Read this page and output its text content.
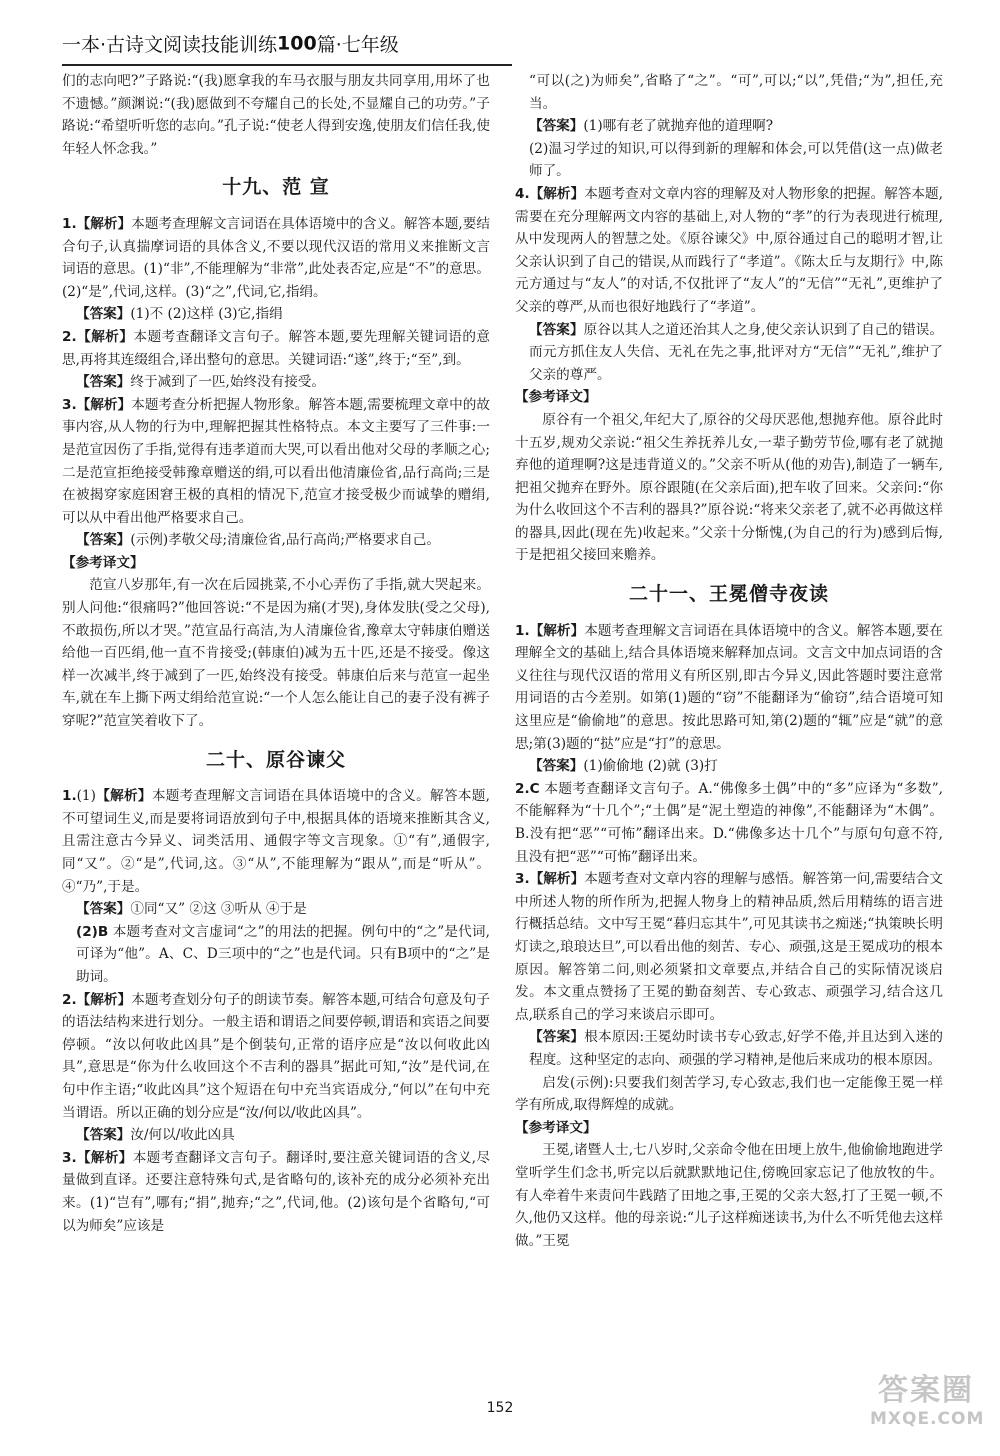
一本·古诗文阅读技能训练100篇·七年级

们的志向吧?”子路说:“(我)愿拿我的车马衣服与朋友共同享用,用坏了也不遗憾。”颜渊说:“(我)愿做到不夸耀自己的长处,不显耀自己的功劳。”子路说:“希望听听您的志向。”孔子说:“使老人得到安逸,使朋友们信任我,使年轻人怀念我。”

十九、范 宣

1.【解析】本题考查理解文言词语在具体语境中的含义。解答本题,要结合句子,认真揣摩词语的具体含义,不要以现代汉语的常用义来推断文言词语的意思。(1)“非”,不能理解为“非常”,此处表否定,应是“不”的意思。(2)“是”,代词,这样。(3)“之”,代词,它,指绢。

【答案】(1)不 (2)这样 (3)它,指绢

2.【解析】本题考查翻译文言句子。解答本题,要先理解关键词语的意思,再将其连缀组合,译出整句的意思。关键词语:“遂”,终于;“至”,到。

【答案】终于减到了一匹,始终没有接受。

3.【解析】本题考查分析把握人物形象。解答本题,需要梳理文章中的故事内容,从人物的行为中,理解把握其性格特点。本文主要写了三件事:一是范宣因伤了手指,觉得有违孝道而大哭,可以看出他对父母的孝顺之心;二是范宣拒绝接受韩豫章赠送的绢,可以看出他清廉俭省,品行高尚;三是在被揭穿家庭困窘王极的真相的情况下,范宣才接受极少而诚挚的赠绢,可以从中看出他严格要求自己。

【答案】(示例)孝敬父母;清廉俭省,品行高尚;严格要求自己。

【参考译文】

范宣八岁那年,有一次在后园挑菜,不小心弄伤了手指,就大哭起来。别人问他:“很痛吗?”他回答说:“不是因为痛(才哭),身体发肤(受之父母),不敢损伤,所以才哭。”范宣品行高洁,为人清廉俭省,豫章太守韩康伯赠送给他一百匹绢,他一直不肯接受;(韩康伯)减为五十匹,还是不接受。像这样一次减半,终于减到了一匹,始终没有接受。韩康伯后来与范宣一起坐车,就在车上撕下两丈绢给范宣说:“一个人怎么能让自己的妻子没有裤子穿呢?”范宣笑着收下了。

二十、原谷谏父

1.(1)【解析】本题考查理解文言词语在具体语境中的含义。解答本题,不可望词生义,而是要将词语放到句子中,根据具体的语境来推断其含义,且需注意古今异义、词类活用、通假字等文言现象。①“有”,通假字,同“又”。②“是”,代词,这。③“从”,不能理解为“跟从”,而是“听从”。④“乃”,于是。

【答案】①同“又” ②这 ③听从 ④于是

(2)B 本题考查对文言虚词“之”的用法的把握。例句中的“之”是代词,可译为“他”。A、C、D三项中的“之”也是代词。只有B项中的“之”是助词。

2.【解析】本题考查划分句子的朗读节奏。解答本题,可结合句意及句子的语法结构来进行划分。一般主语和谓语之间要停顿,谓语和宾语之间要停顿。“汝以何收此凶具”是个倒装句,正常的语序应是“汝以何收此凶具”,意思是“你为什么收回这个不吉利的器具”据此可知,“汝”是代词,在句中作主语;“收此凶具”这个短语在句中充当宾语成分,“何以”在句中充当谓语。所以正确的划分应是“汝/何以/收此凶具”。

【答案】汝/何以/收此凶具

3.【解析】本题考查翻译文言句子。翻译时,要注意关键词语的含义,尽量做到直译。还要注意特殊句式,是省略句的,该补充的成分必须补充出来。(1)“岂有”,哪有;“捐”,抛弃;“之”,代词,他。(2)该句是个省略句,“可以为师矣”应该是

“可以(之)为师矣”,省略了“之”。“可”,可以;“以”,凭借;“为”,担任,充当。

【答案】(1)哪有老了就抛弃他的道理啊?

(2)温习学过的知识,可以得到新的理解和体会,可以凭借(这一点)做老师了。

4.【解析】本题考查对文章内容的理解及对人物形象的把握。解答本题,需要在充分理解两文内容的基础上,对人物的“孝”的行为表现进行梳理,从中发现两人的智慧之处。《原谷谏父》中,原谷通过自己的聪明才智,让父亲认识到了自己的错误,从而践行了“孝道”。《陈太丘与友期行》中,陈元方通过与“友人”的对话,不仅批评了“友人”的“无信”“无礼”,更维护了父亲的尊严,从而也很好地践行了“孝道”。

【答案】原谷以其人之道还治其人之身,使父亲认识到了自己的错误。而元方抓住友人失信、无礼在先之事,批评对方“无信”“无礼”,维护了父亲的尊严。

【参考译文】

原谷有一个祖父,年纪大了,原谷的父母厌恶他,想抛弃他。原谷此时十五岁,规劝父亲说:“祖父生养抚养儿女,一辈子勤劳节俭,哪有老了就抛弃他的道理啊?这是违背道义的。”父亲不听从(他的劝告),制造了一辆车,把祖父抛弃在野外。原谷跟随(在父亲后面),把车收了回来。父亲问:“你为什么收回这个不吉利的器具?”原谷说:“将来父亲老了,就不必再做这样的器具,因此(现在先)收起来。”父亲十分惭愧,(为自己的行为)感到后悔,于是把祖父接回来赡养。

二十一、王冕僧寺夜读

1.【解析】本题考查理解文言词语在具体语境中的含义。解答本题,要在理解全文的基础上,结合具体语境来解释加点词。文言文中加点词语的含义往往与现代汉语的常用义有所区别,即古今异义,因此答题时要注意常用词语的古今差别。如第(1)题的“窃”不能翻译为“偷窃”,结合语境可知这里应是“偷偷地”的意思。按此思路可知,第(2)题的“辄”应是“就”的意思;第(3)题的“挞”应是“打”的意思。

【答案】(1)偷偷地 (2)就 (3)打

2.C 本题考查翻译文言句子。A.“佛像多土偶”中的“多”应译为“多数”,不能解释为“十几个”;“土偶”是“泥土塑造的神像”,不能翻译为“木偶”。B.没有把“恶”“可怖”翻译出来。D.“佛像多达十几个”与原句句意不符,且没有把“恶”“可怖”翻译出来。

3.【解析】本题考查对文章内容的理解与感悟。解答第一问,需要结合文中所述人物的所作所为,把握人物身上的精神品质,然后用精练的语言进行概括总结。文中写王冕“暮归忘其牛”,可见其读书之痴迷;“执策映长明灯读之,琅琅达旦”,可以看出他的刻苦、专心、顽强,这是王冕成功的根本原因。解答第二问,则必须紧扣文章要点,并结合自己的实际情况谈启发。本文重点赞扬了王冕的勤奋刻苦、专心致志、顽强学习,结合这几点,联系自己的学习来谈启示即可。

【答案】根本原因:王冕幼时读书专心致志,好学不倦,并且达到入迷的程度。这种坚定的志向、顽强的学习精神,是他后来成功的根本原因。

启发(示例):只要我们刻苦学习,专心致志,我们也一定能像王冕一样学有所成,取得辉煌的成就。

【参考译文】

王冕,诸暨人士,七八岁时,父亲命令他在田埂上放牛,他偷偷地跑进学堂听学生们念书,听完以后就默默地记住,傍晚回家忘记了他放牧的牛。有人牵着牛来责问牛践踏了田地之事,王冕的父亲大怒,打了王冕一顿,不久,他仍又这样。他的母亲说:“儿子这样痴迷读书,为什么不听凭他去这样做。”王冕

152	答案圈
MXQE.COM
